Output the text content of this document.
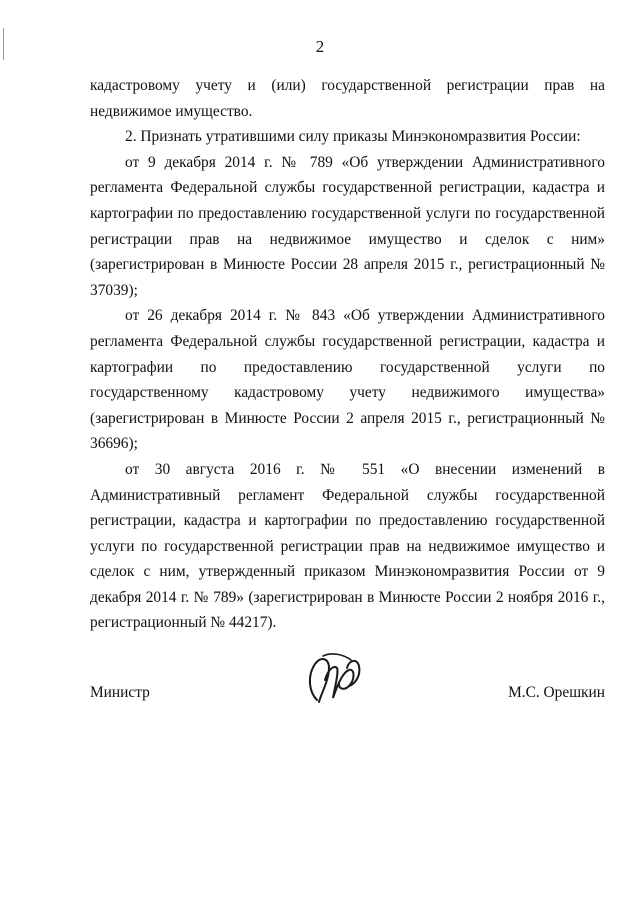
2

кадастровому учету и (или) государственной регистрации прав на недвижимое имущество.

2. Признать утратившими силу приказы Минэкономразвития России:

от 9 декабря 2014 г. № 789 «Об утверждении Административного регламента Федеральной службы государственной регистрации, кадастра и картографии по предоставлению государственной услуги по государственной регистрации прав на недвижимое имущество и сделок с ним» (зарегистрирован в Минюсте России 28 апреля 2015 г., регистрационный № 37039);

от 26 декабря 2014 г. № 843 «Об утверждении Административного регламента Федеральной службы государственной регистрации, кадастра и картографии по предоставлению государственной услуги по государственному кадастровому учету недвижимого имущества» (зарегистрирован в Минюсте России 2 апреля 2015 г., регистрационный № 36696);

от 30 августа 2016 г. № 551 «О внесении изменений в Административный регламент Федеральной службы государственной регистрации, кадастра и картографии по предоставлению государственной услуги по государственной регистрации прав на недвижимое имущество и сделок с ним, утвержденный приказом Минэкономразвития России от 9 декабря 2014 г. № 789» (зарегистрирован в Минюсте России 2 ноября 2016 г., регистрационный № 44217).

Министр	М.С. Орешкин
